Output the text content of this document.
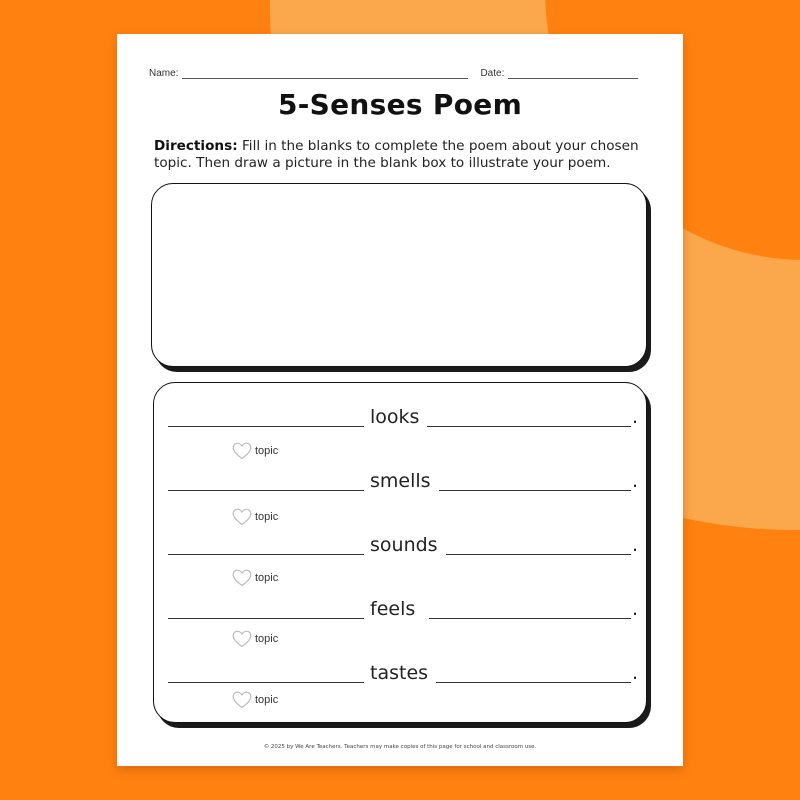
Name:	Date:
5-Senses Poem
Directions: Fill in the blanks to complete the poem about your chosen topic. Then draw a picture in the blank box to illustrate your poem.
looks	.
topic
smells	.
topic
sounds	.
topic
feels	.
topic
tastes	.
topic
© 2025 by We Are Teachers. Teachers may make copies of this page for school and classroom use.
